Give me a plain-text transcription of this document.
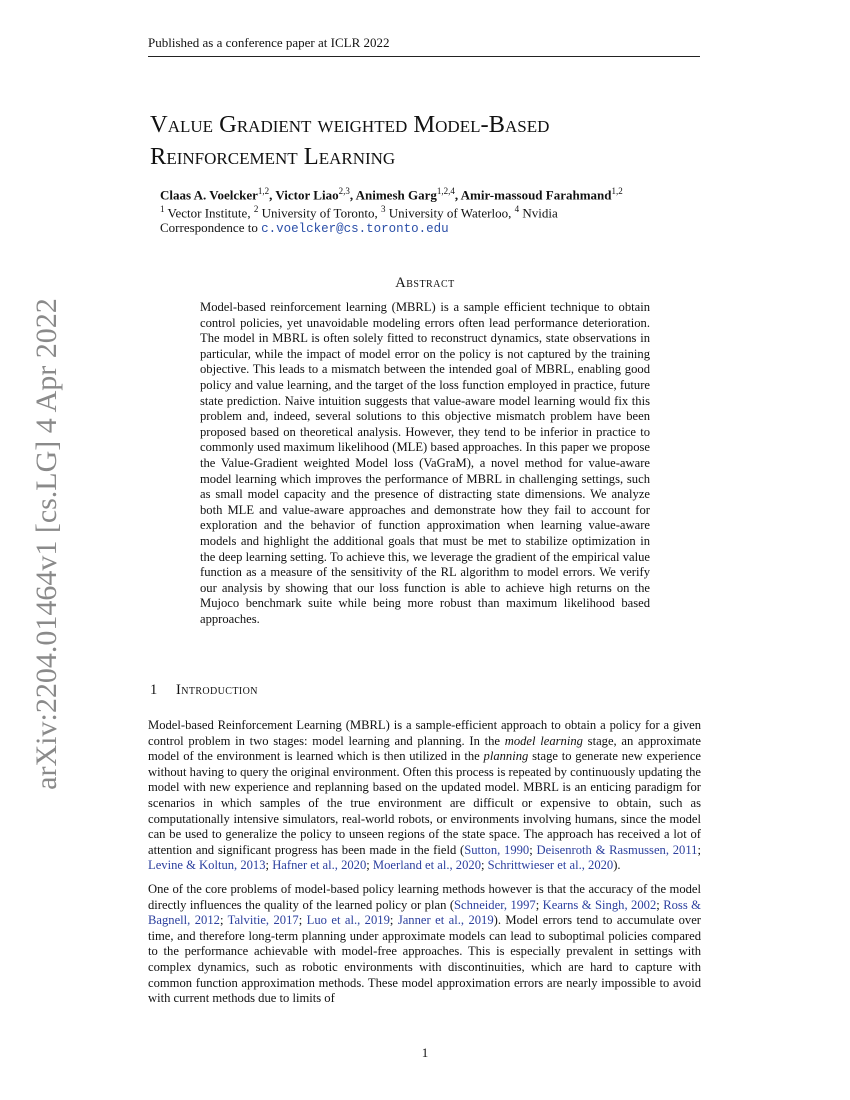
Published as a conference paper at ICLR 2022
arXiv:2204.01464v1 [cs.LG] 4 Apr 2022
Value Gradient weighted Model-Based
Reinforcement Learning
Claas A. Voelcker$^{1,2}$, Victor Liao$^{2,3}$, Animesh Garg$^{1,2,4}$, Amir-massoud Farahmand$^{1,2}$
$^1$ Vector Institute, $^2$ University of Toronto, $^3$ University of Waterloo, $^4$ Nvidia
Correspondence to c.voelcker@cs.toronto.edu
Abstract
Model-based reinforcement learning (MBRL) is a sample efficient technique to obtain control policies, yet unavoidable modeling errors often lead performance deterioration. The model in MBRL is often solely fitted to reconstruct dynamics, state observations in particular, while the impact of model error on the policy is not captured by the training objective. This leads to a mismatch between the intended goal of MBRL, enabling good policy and value learning, and the target of the loss function employed in practice, future state prediction. Naive intuition suggests that value-aware model learning would fix this problem and, indeed, several solutions to this objective mismatch problem have been proposed based on theoretical analysis. However, they tend to be inferior in practice to commonly used maximum likelihood (MLE) based approaches. In this paper we propose the Value-Gradient weighted Model loss (VaGraM), a novel method for value-aware model learning which improves the performance of MBRL in challenging settings, such as small model capacity and the presence of distracting state dimensions. We analyze both MLE and value-aware approaches and demonstrate how they fail to account for exploration and the behavior of function approximation when learning value-aware models and highlight the additional goals that must be met to stabilize optimization in the deep learning setting. To achieve this, we leverage the gradient of the empirical value function as a measure of the sensitivity of the RL algorithm to model errors. We verify our analysis by showing that our loss function is able to achieve high returns on the Mujoco benchmark suite while being more robust than maximum likelihood based approaches.
1 Introduction

Model-based Reinforcement Learning (MBRL) is a sample-efficient approach to obtain a policy for a given control problem in two stages: model learning and planning. In the model learning stage, an approximate model of the environment is learned which is then utilized in the planning stage to generate new experience without having to query the original environment. Often this process is repeated by continuously updating the model with new experience and replanning based on the updated model. MBRL is an enticing paradigm for scenarios in which samples of the true environment are difficult or expensive to obtain, such as computationally intensive simulators, real-world robots, or environments involving humans, since the model can be used to generalize the policy to unseen regions of the state space. The approach has received a lot of attention and significant progress has been made in the field (Sutton, 1990; Deisenroth & Rasmussen, 2011; Levine & Koltun, 2013; Hafner et al., 2020; Moerland et al., 2020; Schrittwieser et al., 2020).

One of the core problems of model-based policy learning methods however is that the accuracy of the model directly influences the quality of the learned policy or plan (Schneider, 1997; Kearns & Singh, 2002; Ross & Bagnell, 2012; Talvitie, 2017; Luo et al., 2019; Janner et al., 2019). Model errors tend to accumulate over time, and therefore long-term planning under approximate models can lead to suboptimal policies compared to the performance achievable with model-free approaches. This is especially prevalent in settings with complex dynamics, such as robotic environments with discontinuities, which are hard to capture with common function approximation methods. These model approximation errors are nearly impossible to avoid with current methods due to limits of

1
